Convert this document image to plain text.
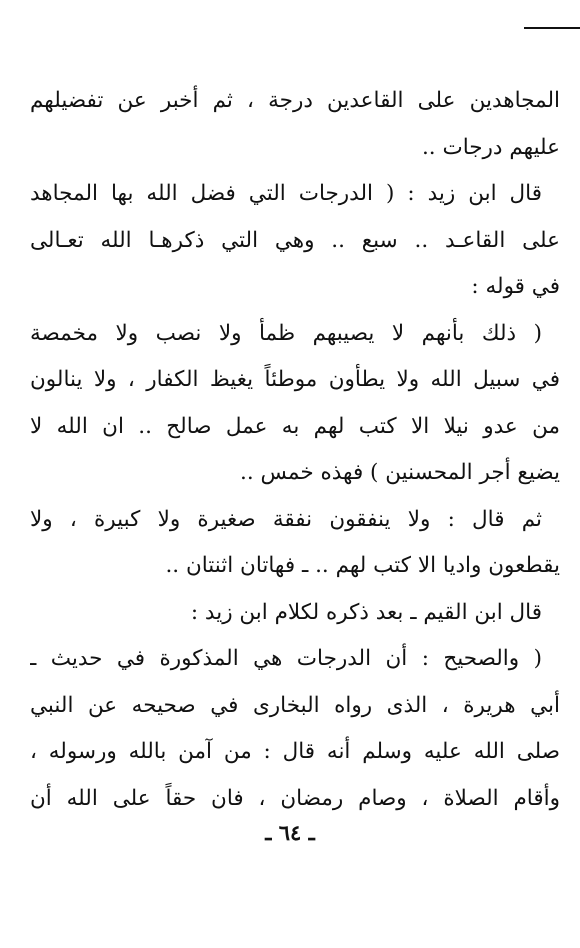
المجاهدين على القاعدين درجة ، ثم أخبر عن تفضيلهم
عليهم درجات ..
قال ابن زيد : ( الدرجات التي فضل الله بها المجاهد
على القاعـد .. سبع .. وهي التي ذكرهـا الله تعـالى
في قوله :
( ذلك بأنهم لا يصيبهم ظمأ ولا نصب ولا مخمصة
في سبيل الله ولا يطأون موطئاً يغيظ الكفار ، ولا ينالون
من عدو نيلا الا كتب لهم به عمل صالح .. ان الله لا
يضيع أجر المحسنين ) فهذه خمس ..
ثم قال : ولا ينفقون نفقة صغيرة ولا كبيرة ، ولا
يقطعون واديا الا كتب لهم .. ـ فهاتان اثنتان ..
قال ابن القيم ـ بعد ذكره لكلام ابن زيد :
( والصحيح : أن الدرجات هي المذكورة في حديث ـ
أبي هريرة ، الذى رواه البخارى في صحيحه عن النبي
صلى الله عليه وسلم أنه قال : من آمن بالله ورسوله ،
وأقام الصلاة ، وصام رمضان ، فان حقاً على الله أن
ـ ٦٤ ـ
